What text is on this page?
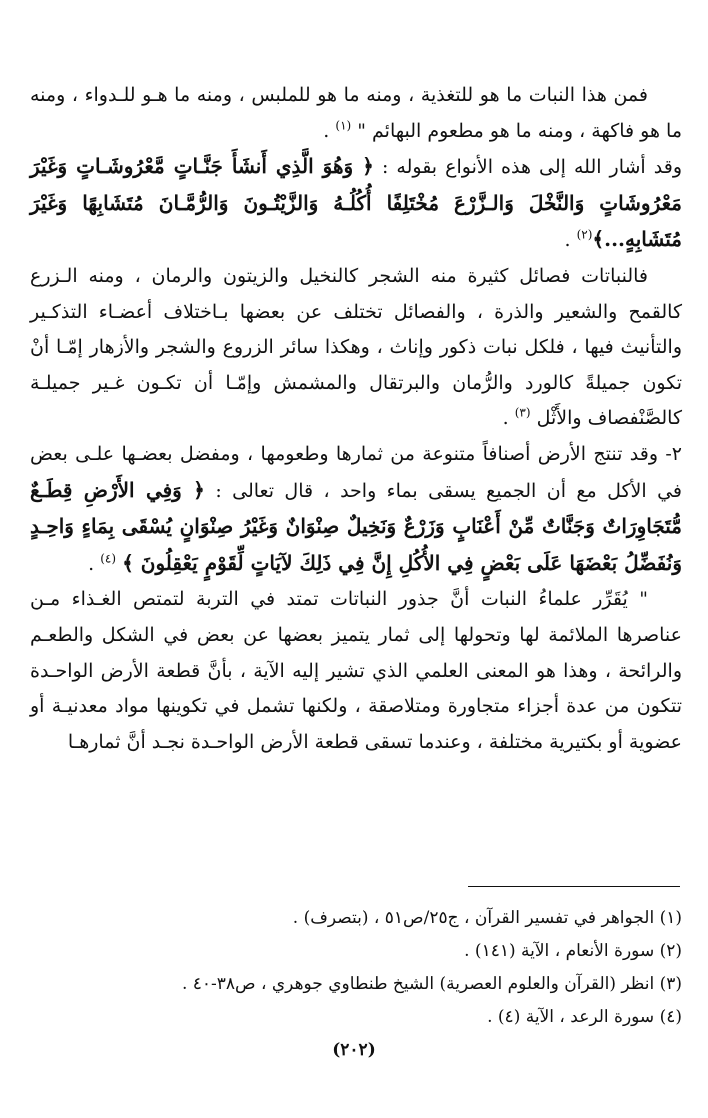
فمن هذا النبات ما هو للتغذية ، ومنه ما هو للملبس ، ومنه ما هـو للـدواء ، ومنه ما هو فاكهة ، ومنه ما هو مطعوم البهائم " $^{(١)}$ .

وقد أشار الله إلى هذه الأنواع بقوله : ﴿ وَهُوَ الَّذِي أَنشَأَ جَنَّـاتٍ مَّعْرُوشَـاتٍ وَغَيْرَ مَعْرُوشَاتٍ وَالنَّخْلَ وَالـزَّرْعَ مُخْتَلِفًا أُكُلُـهُ وَالزَّيْتُـونَ وَالرُّمَّـانَ مُتَشَابِهًا وَغَيْرَ مُتَشَابِهٍ...﴾$^{(٢)}$ .

فالنباتات فصائل كثيرة منه الشجر كالنخيل والزيتون والرمان ، ومنه الـزرع كالقمح والشعير والذرة ، والفصائل تختلف عن بعضها بـاختلاف أعضـاء التذكـير والتأنيث فيها ، فلكل نبات ذكور وإناث ، وهكذا سائر الزروع والشجر والأزهار إمّـا أنْ تكون جميلةً كالورد والرُّمان والبرتقال والمشمش وإمّـا أن تكـون غـير جميلـة كالصَّنْفصاف والأَثْل $^{(٣)}$ .

٢- وقد تنتج الأرض أصنافاً متنوعة من ثمارها وطعومها ، ومفضل بعضـها علـى بعض في الأكل مع أن الجميع يسقى بماء واحد ، قال تعالى : ﴿ وَفِي الأَرْضِ قِطَـعٌ مُّتَجَاوِرَاتٌ وَجَنَّاتٌ مِّنْ أَعْنَابٍ وَزَرْعٌ وَنَخِيلٌ صِنْوَانٌ وَغَيْرُ صِنْوَانٍ يُسْقَى بِمَاءٍ وَاحِـدٍ وَنُفَضِّلُ بَعْضَهَا عَلَى بَعْضٍ فِي الأُكُلِ إِنَّ فِي ذَلِكَ لآيَاتٍ لِّقَوْمٍ يَعْقِلُونَ ﴾ $^{(٤)}$ .

" يُقَرِّر علماءُ النبات أنَّ جذور النباتات تمتد في التربة لتمتص الغـذاء مـن عناصرها الملائمة لها وتحولها إلى ثمار يتميز بعضها عن بعض في الشكل والطعـم والرائحة ، وهذا هو المعنى العلمي الذي تشير إليه الآية ، بأنَّ قطعة الأرض الواحـدة تتكون من عدة أجزاء متجاورة ومتلاصقة ، ولكنها تشمل في تكوينها مواد معدنيـة أو عضوية أو بكتيرية مختلفة ، وعندما تسقى قطعة الأرض الواحـدة نجـد أنَّ ثمارهـا

(١) الجواهر في تفسير القرآن ، ج٢٥/ص٥١ ، (بتصرف) .

(٢) سورة الأنعام ، الآية (١٤١) .

(٣) انظر (القرآن والعلوم العصرية) الشيخ طنطاوي جوهري ، ص٣٨-٤٠ .

(٤) سورة الرعد ، الآية (٤) .

(٢٠٢)
